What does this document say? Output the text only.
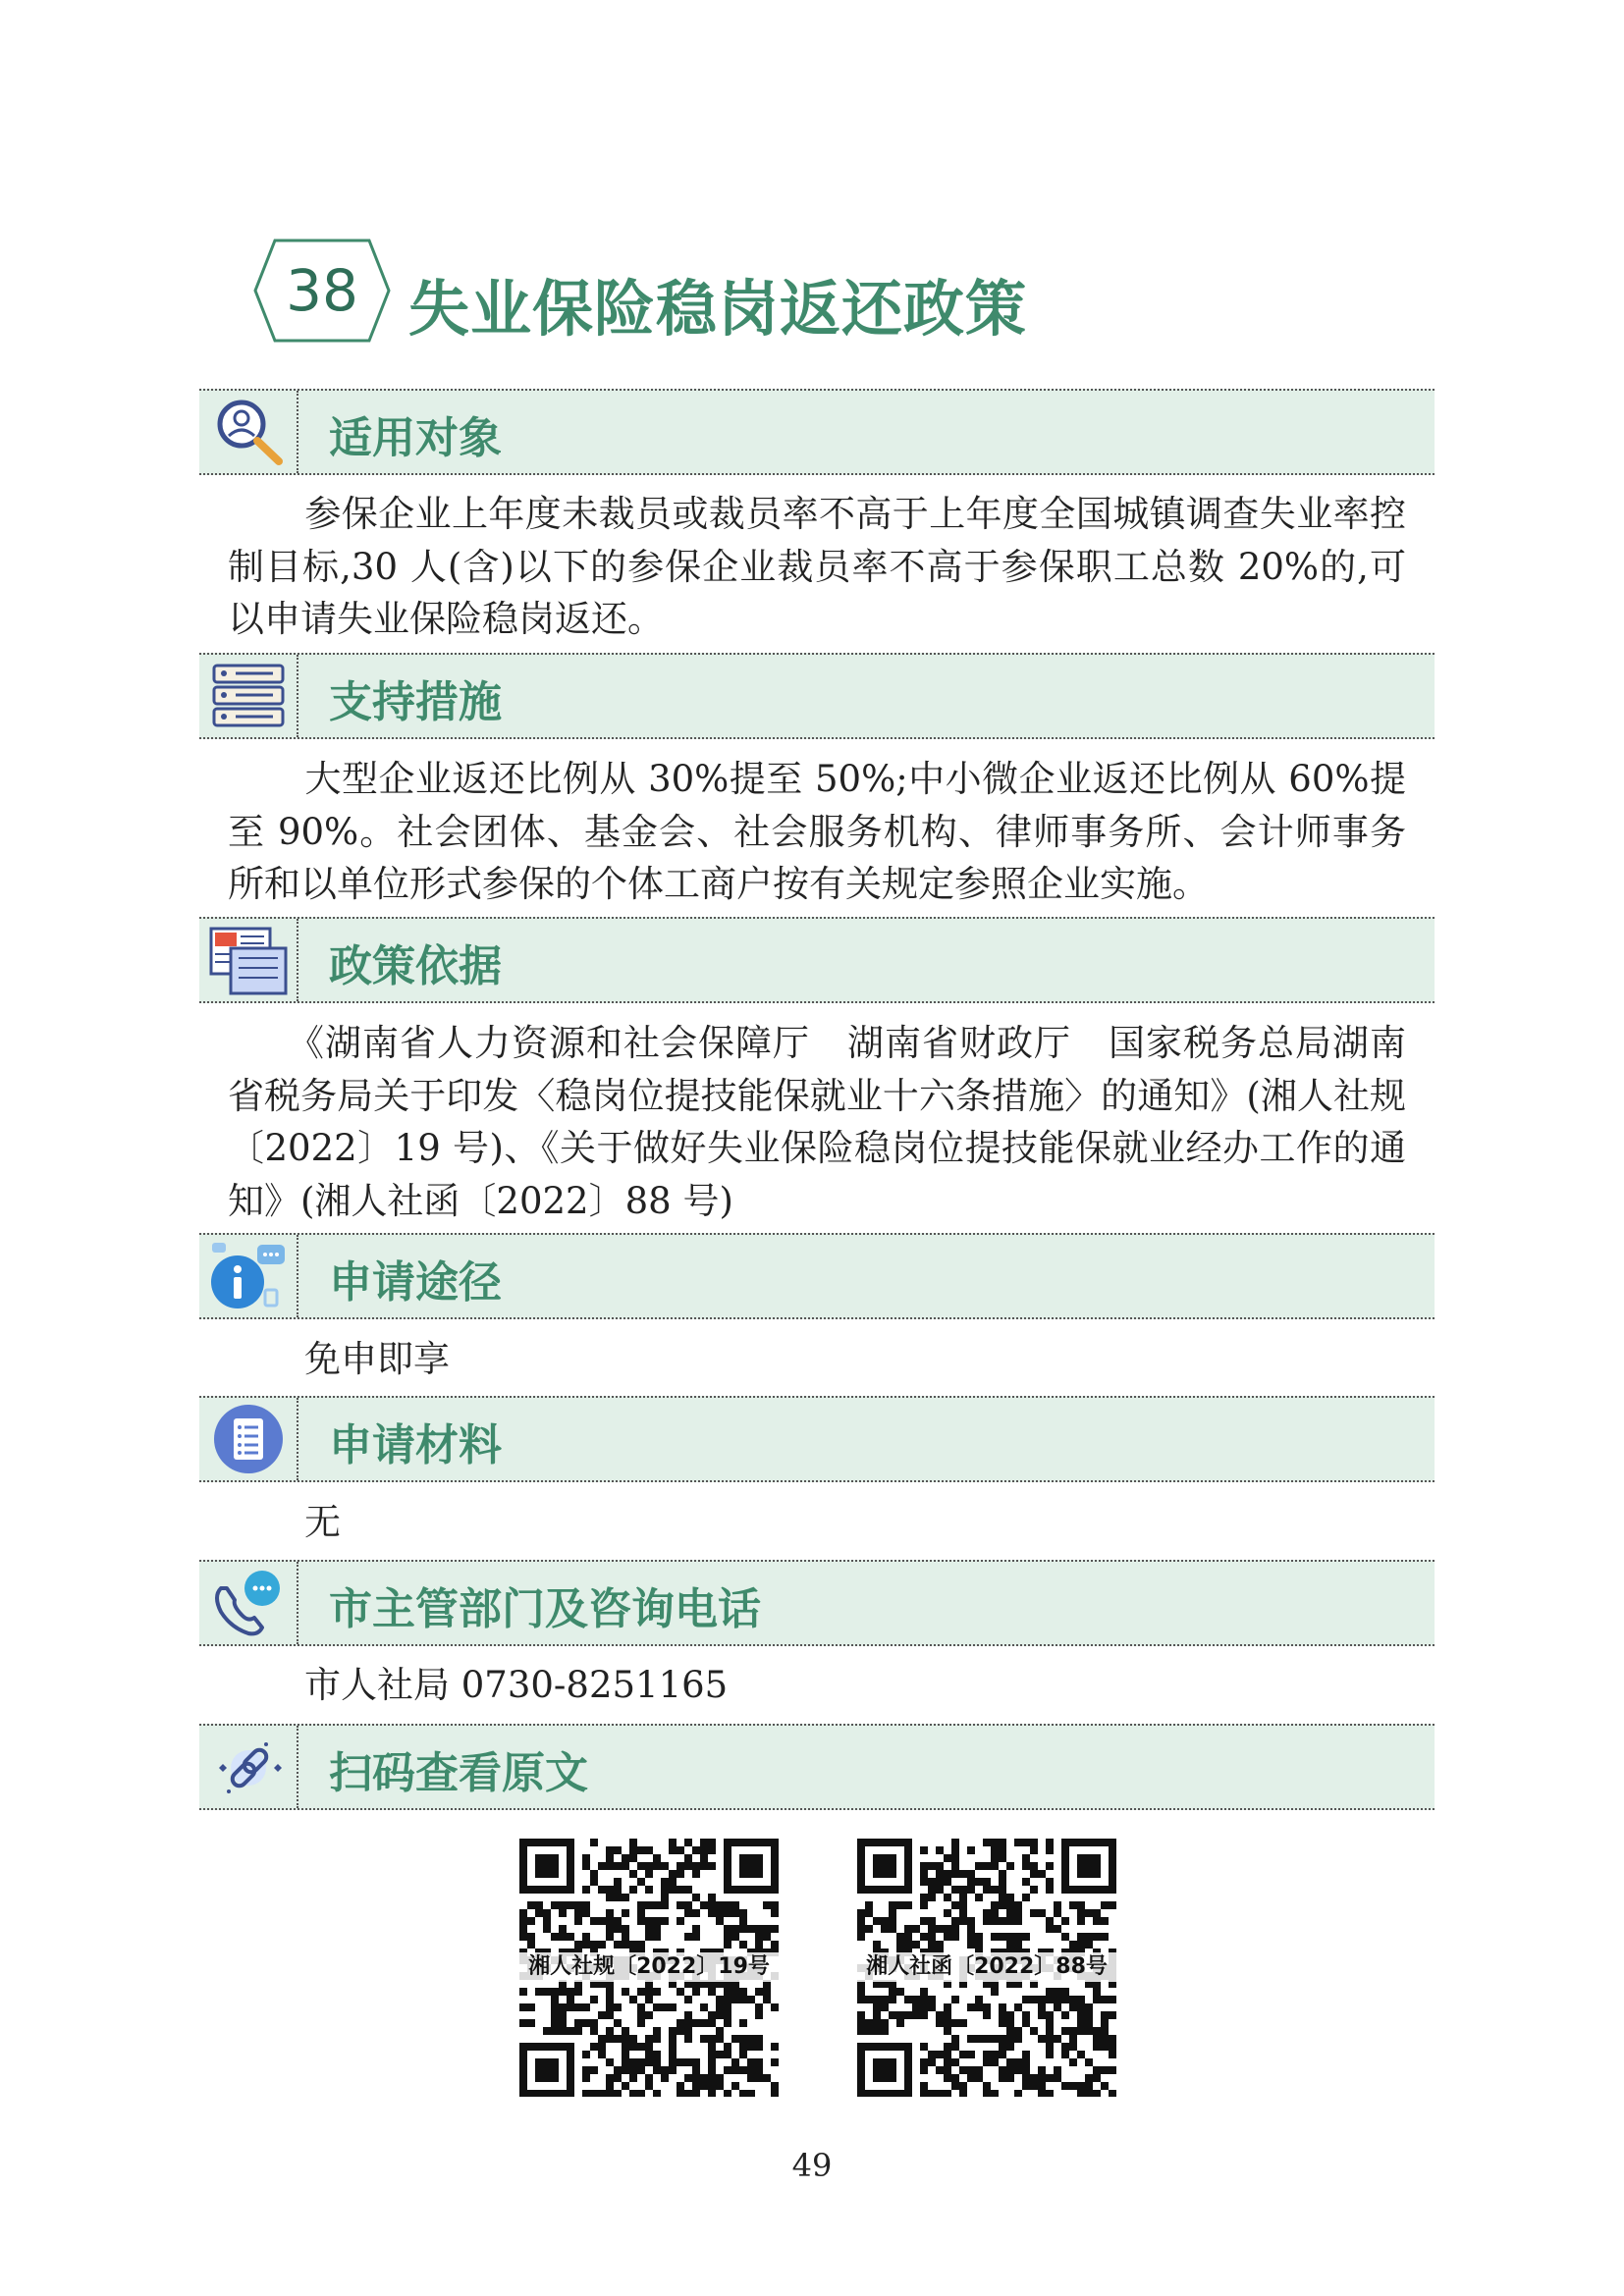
38 失业保险稳岗返还政策
适用对象
参保企业上年度未裁员或裁员率不高于上年度全国城镇调查失业率控制目标,30 人(含)以下的参保企业裁员率不高于参保职工总数 20%的,可以申请失业保险稳岗返还。
支持措施
大型企业返还比例从 30%提至 50%;中小微企业返还比例从 60%提至 90%。社会团体、基金会、社会服务机构、律师事务所、会计师事务所和以单位形式参保的个体工商户按有关规定参照企业实施。
政策依据
《湖南省人力资源和社会保障厅　湖南省财政厅　国家税务总局湖南省税务局关于印发〈稳岗位提技能保就业十六条措施〉的通知》(湘人社规〔2022〕19 号)、《关于做好失业保险稳岗位提技能保就业经办工作的通知》(湘人社函〔2022〕88 号)
申请途径
免申即享
申请材料
无
市主管部门及咨询电话
市人社局 0730-8251165
扫码查看原文
湘人社规〔2022〕19号	湘人社函〔2022〕88号
49
